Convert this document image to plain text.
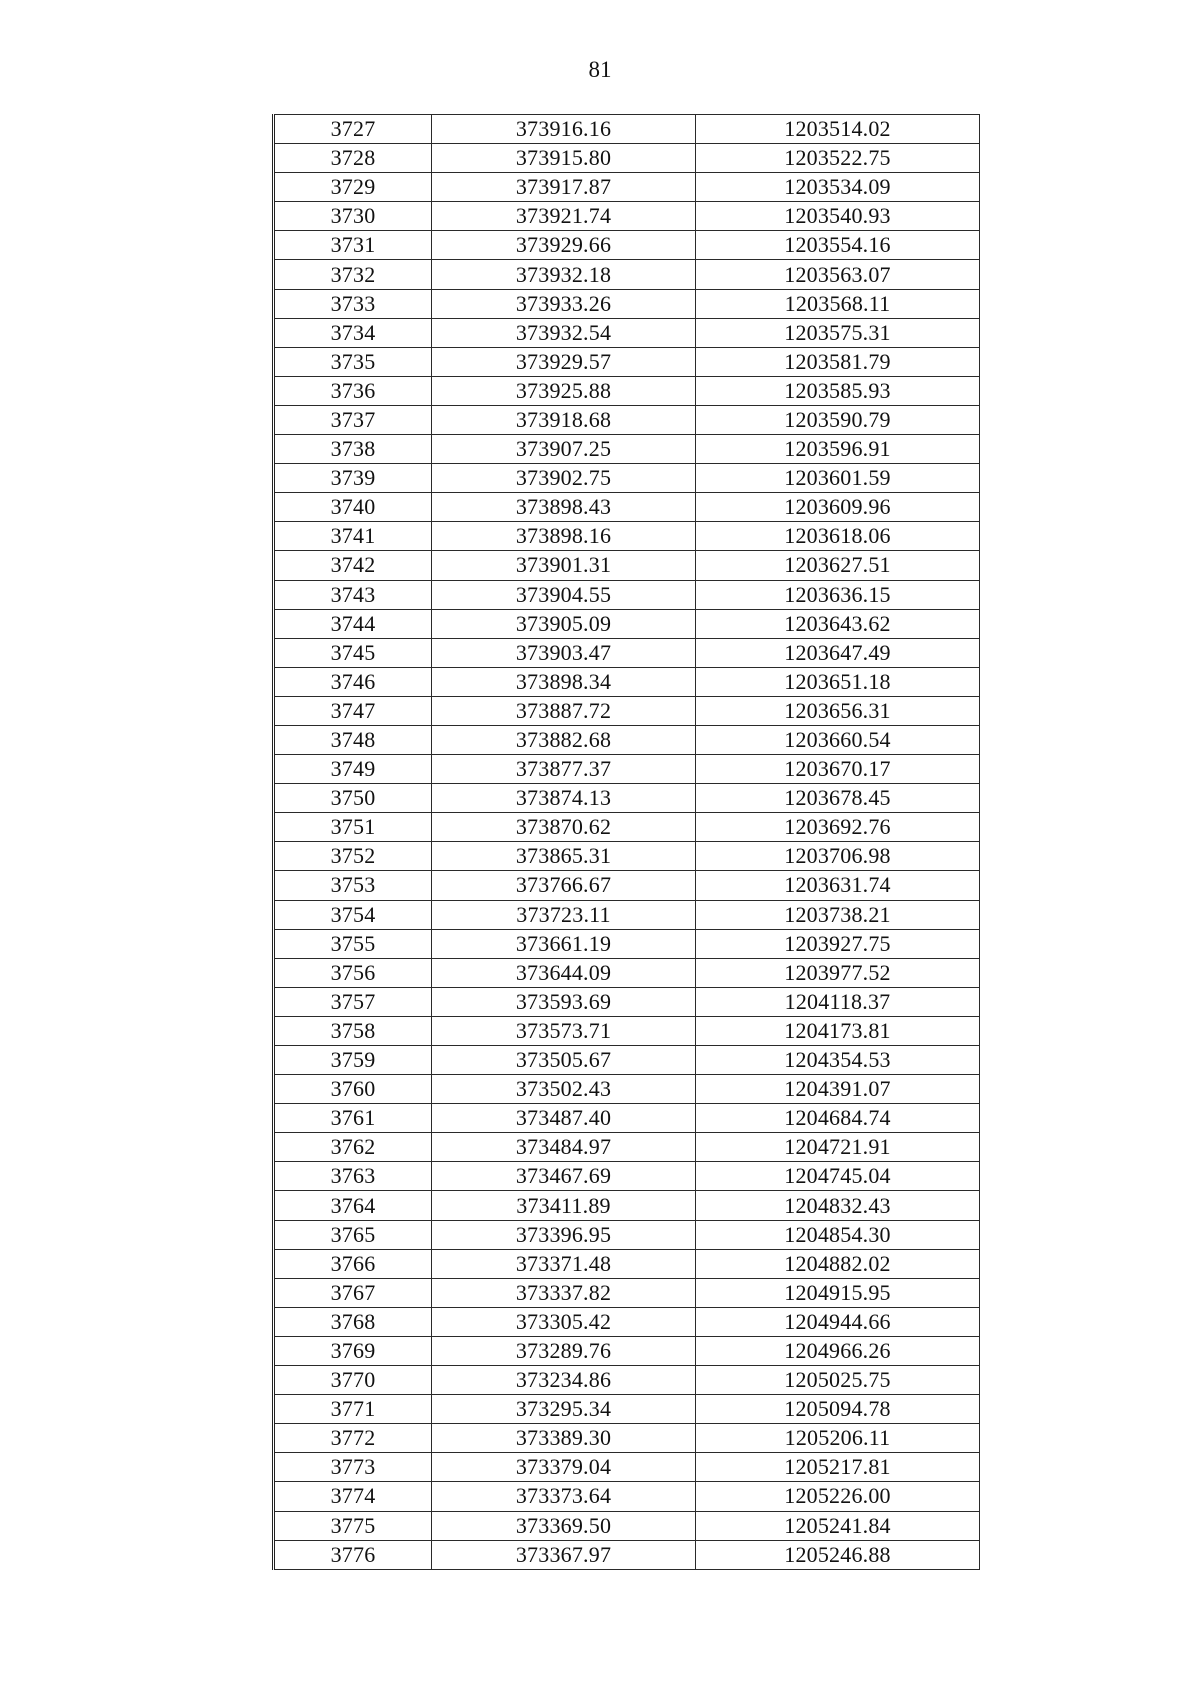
81
3727	373916.16	1203514.02
3728	373915.80	1203522.75
3729	373917.87	1203534.09
3730	373921.74	1203540.93
3731	373929.66	1203554.16
3732	373932.18	1203563.07
3733	373933.26	1203568.11
3734	373932.54	1203575.31
3735	373929.57	1203581.79
3736	373925.88	1203585.93
3737	373918.68	1203590.79
3738	373907.25	1203596.91
3739	373902.75	1203601.59
3740	373898.43	1203609.96
3741	373898.16	1203618.06
3742	373901.31	1203627.51
3743	373904.55	1203636.15
3744	373905.09	1203643.62
3745	373903.47	1203647.49
3746	373898.34	1203651.18
3747	373887.72	1203656.31
3748	373882.68	1203660.54
3749	373877.37	1203670.17
3750	373874.13	1203678.45
3751	373870.62	1203692.76
3752	373865.31	1203706.98
3753	373766.67	1203631.74
3754	373723.11	1203738.21
3755	373661.19	1203927.75
3756	373644.09	1203977.52
3757	373593.69	1204118.37
3758	373573.71	1204173.81
3759	373505.67	1204354.53
3760	373502.43	1204391.07
3761	373487.40	1204684.74
3762	373484.97	1204721.91
3763	373467.69	1204745.04
3764	373411.89	1204832.43
3765	373396.95	1204854.30
3766	373371.48	1204882.02
3767	373337.82	1204915.95
3768	373305.42	1204944.66
3769	373289.76	1204966.26
3770	373234.86	1205025.75
3771	373295.34	1205094.78
3772	373389.30	1205206.11
3773	373379.04	1205217.81
3774	373373.64	1205226.00
3775	373369.50	1205241.84
3776	373367.97	1205246.88
